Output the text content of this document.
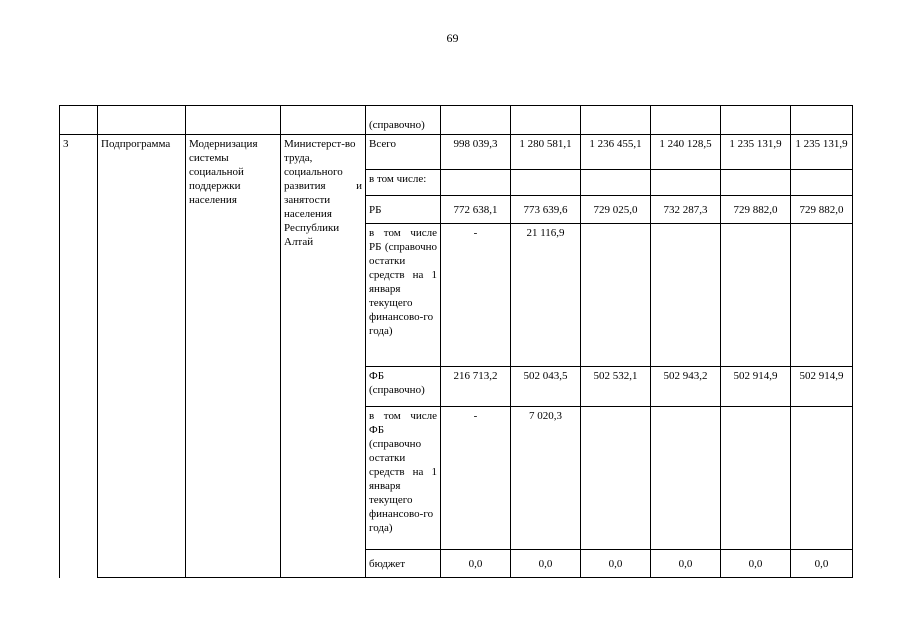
69
				(справочно)						
3	Подпрограмма	Модернизация системы социальной поддержки населения	Министерст-во труда, социального развития и занятости населения Республики Алтай	Всего	998 039,3	1 280 581,1	1 236 455,1	1 240 128,5	1 235 131,9	1 235 131,9
				в том числе:						
				РБ	772 638,1	773 639,6	729 025,0	732 287,3	729 882,0	729 882,0
				в том числе РБ (справочно остатки средств на 1 января текущего финансово-го года)	-	21 116,9				
				ФБ (справочно)	216 713,2	502 043,5	502 532,1	502 943,2	502 914,9	502 914,9
				в том числе ФБ (справочно остатки средств на 1 января текущего финансово-го года)	-	7 020,3				
				бюджет	0,0	0,0	0,0	0,0	0,0	0,0
